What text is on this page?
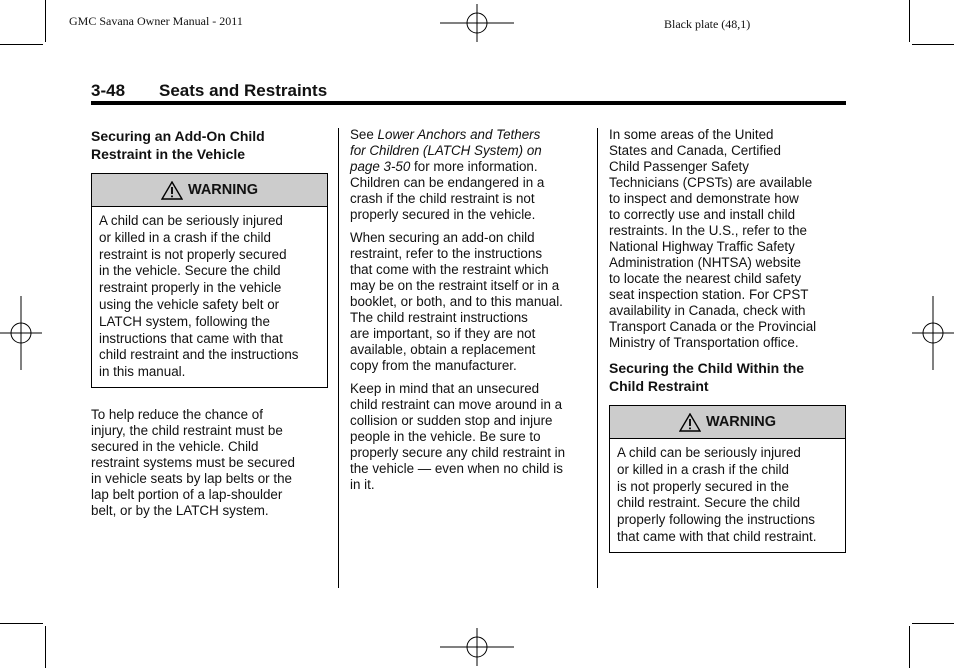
GMC Savana Owner Manual - 2011	Black plate (48,1)
3-48 Seats and Restraints
Securing an Add-On Child
Restraint in the Vehicle
WARNING
A child can be seriously injured
or killed in a crash if the child
restraint is not properly secured
in the vehicle. Secure the child
restraint properly in the vehicle
using the vehicle safety belt or
LATCH system, following the
instructions that came with that
child restraint and the instructions
in this manual.

To help reduce the chance of
injury, the child restraint must be
secured in the vehicle. Child
restraint systems must be secured
in vehicle seats by lap belts or the
lap belt portion of a lap-shoulder
belt, or by the LATCH system.

See Lower Anchors and Tethers
for Children (LATCH System) on
page 3-50 for more information.
Children can be endangered in a
crash if the child restraint is not
properly secured in the vehicle.

When securing an add-on child
restraint, refer to the instructions
that come with the restraint which
may be on the restraint itself or in a
booklet, or both, and to this manual.
The child restraint instructions
are important, so if they are not
available, obtain a replacement
copy from the manufacturer.

Keep in mind that an unsecured
child restraint can move around in a
collision or sudden stop and injure
people in the vehicle. Be sure to
properly secure any child restraint in
the vehicle — even when no child is
in it.

In some areas of the United
States and Canada, Certified
Child Passenger Safety
Technicians (CPSTs) are available
to inspect and demonstrate how
to correctly use and install child
restraints. In the U.S., refer to the
National Highway Traffic Safety
Administration (NHTSA) website
to locate the nearest child safety
seat inspection station. For CPST
availability in Canada, check with
Transport Canada or the Provincial
Ministry of Transportation office.

Securing the Child Within the
Child Restraint
WARNING
A child can be seriously injured
or killed in a crash if the child
is not properly secured in the
child restraint. Secure the child
properly following the instructions
that came with that child restraint.
